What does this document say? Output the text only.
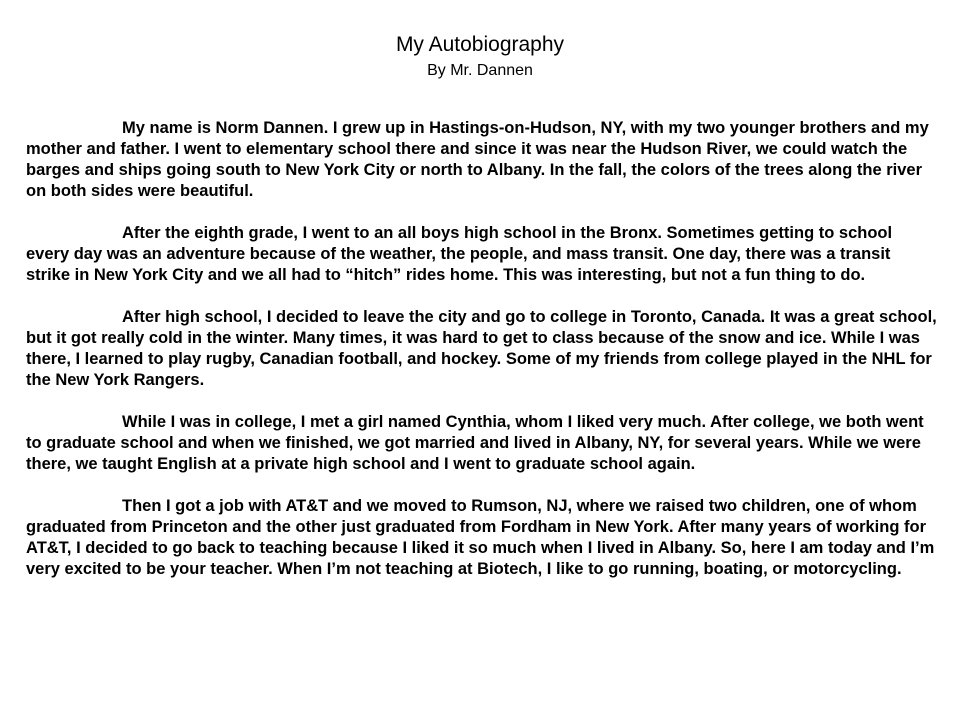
My Autobiography
By Mr. Dannen

My name is Norm Dannen. I grew up in Hastings-on-Hudson, NY, with my two younger brothers and my mother and father. I went to elementary school there and since it was near the Hudson River, we could watch the barges and ships going south to New York City or north to Albany. In the fall, the colors of the trees along the river on both sides were beautiful.

After the eighth grade, I went to an all boys high school in the Bronx. Sometimes getting to school every day was an adventure because of the weather, the people, and mass transit. One day, there was a transit strike in New York City and we all had to “hitch” rides home. This was interesting, but not a fun thing to do.

After high school, I decided to leave the city and go to college in Toronto, Canada. It was a great school, but it got really cold in the winter. Many times, it was hard to get to class because of the snow and ice. While I was there, I learned to play rugby, Canadian football, and hockey. Some of my friends from college played in the NHL for the New York Rangers.

While I was in college, I met a girl named Cynthia, whom I liked very much. After college, we both went to graduate school and when we finished, we got married and lived in Albany, NY, for several years. While we were there, we taught English at a private high school and I went to graduate school again.

Then I got a job with AT&T and we moved to Rumson, NJ, where we raised two children, one of whom graduated from Princeton and the other just graduated from Fordham in New York. After many years of working for AT&T, I decided to go back to teaching because I liked it so much when I lived in Albany. So, here I am today and I’m very excited to be your teacher. When I’m not teaching at Biotech, I like to go running, boating, or motorcycling.
